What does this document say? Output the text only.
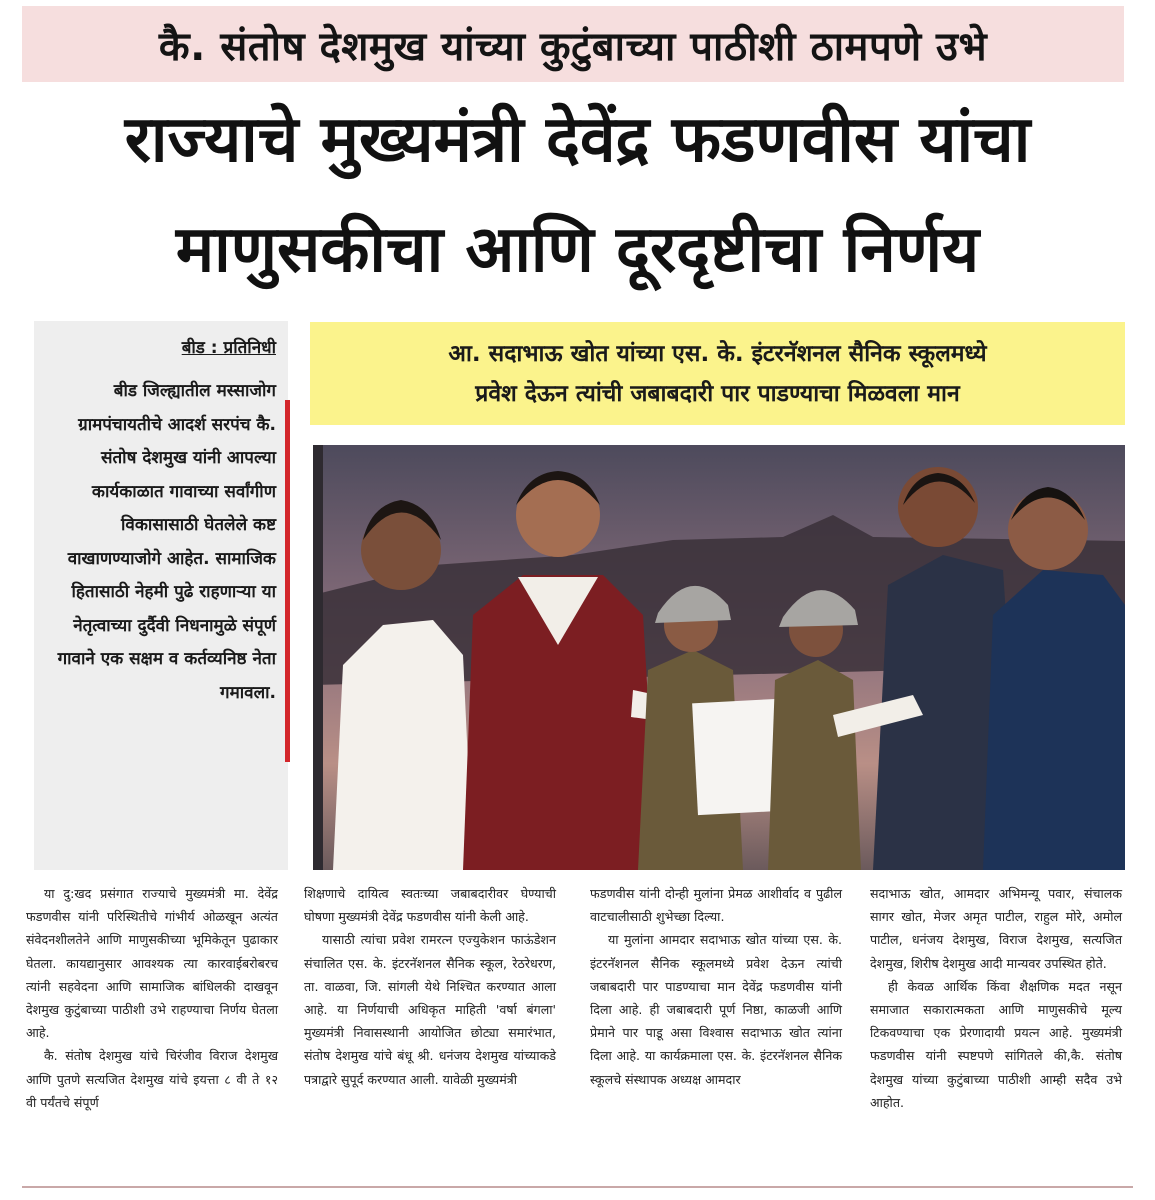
कै. संतोष देशमुख यांच्या कुटुंबाच्या पाठीशी ठामपणे उभे
राज्याचे मुख्यमंत्री देवेंद्र फडणवीस यांचा
माणुसकीचा आणि दूरदृष्टीचा निर्णय
बीड : प्रतिनिधी
बीड जिल्ह्यातील मस्साजोग ग्रामपंचायतीचे आदर्श सरपंच कै. संतोष देशमुख यांनी आपल्या कार्यकाळात गावाच्या सर्वांगीण विकासासाठी घेतलेले कष्ट वाखाणण्याजोगे आहेत. सामाजिक हितासाठी नेहमी पुढे राहणाऱ्या या नेतृत्वाच्या दुर्दैवी निधनामुळे संपूर्ण गावाने एक सक्षम व कर्तव्यनिष्ठ नेता गमावला.
आ. सदाभाऊ खोत यांच्या एस. के. इंटरनॅशनल सैनिक स्कूलमध्ये
प्रवेश देऊन त्यांची जबाबदारी पार पाडण्याचा मिळवला मान

या दु:खद प्रसंगात राज्याचे मुख्यमंत्री मा. देवेंद्र फडणवीस यांनी परिस्थितीचे गांभीर्य ओळखून अत्यंत संवेदनशीलतेने आणि माणुसकीच्या भूमिकेतून पुढाकार घेतला. कायद्यानुसार आवश्यक त्या कारवाईबरोबरच त्यांनी सहवेदना आणि सामाजिक बांधिलकी दाखवून देशमुख कुटुंबाच्या पाठीशी उभे राहण्याचा निर्णय घेतला आहे.

कै. संतोष देशमुख यांचे चिरंजीव विराज देशमुख आणि पुतणे सत्यजित देशमुख यांचे इयत्ता ८ वी ते १२ वी पर्यंतचे संपूर्ण

शिक्षणाचे दायित्व स्वतःच्या जबाबदारीवर घेण्याची घोषणा मुख्यमंत्री देवेंद्र फडणवीस यांनी केली आहे.

यासाठी त्यांचा प्रवेश रामरत्न एज्युकेशन फाऊंडेशन संचालित एस. के. इंटरनॅशनल सैनिक स्कूल, रेठरेधरण, ता. वाळवा, जि. सांगली येथे निश्चित करण्यात आला आहे. या निर्णयाची अधिकृत माहिती 'वर्षा बंगला' मुख्यमंत्री निवासस्थानी आयोजित छोट्या समारंभात, संतोष देशमुख यांचे बंधू श्री. धनंजय देशमुख यांच्याकडे पत्राद्वारे सुपूर्द करण्यात आली. यावेळी मुख्यमंत्री

फडणवीस यांनी दोन्ही मुलांना प्रेमळ आशीर्वाद व पुढील वाटचालीसाठी शुभेच्छा दिल्या.

या मुलांना आमदार सदाभाऊ खोत यांच्या एस. के. इंटरनॅशनल सैनिक स्कूलमध्ये प्रवेश देऊन त्यांची जबाबदारी पार पाडण्याचा मान देवेंद्र फडणवीस यांनी दिला आहे. ही जबाबदारी पूर्ण निष्ठा, काळजी आणि प्रेमाने पार पाडू असा विश्वास सदाभाऊ खोत त्यांना दिला आहे. या कार्यक्रमाला एस. के. इंटरनॅशनल सैनिक स्कूलचे संस्थापक अध्यक्ष आमदार

सदाभाऊ खोत, आमदार अभिमन्यू पवार, संचालक सागर खोत, मेजर अमृत पाटील, राहुल मोरे, अमोल पाटील, धनंजय देशमुख, विराज देशमुख, सत्यजित देशमुख, शिरीष देशमुख आदी मान्यवर उपस्थित होते.

ही केवळ आर्थिक किंवा शैक्षणिक मदत नसून समाजात सकारात्मकता आणि माणुसकीचे मूल्य टिकवण्याचा एक प्रेरणादायी प्रयत्न आहे. मुख्यमंत्री फडणवीस यांनी स्पष्टपणे सांगितले की,कै. संतोष देशमुख यांच्या कुटुंबाच्या पाठीशी आम्ही सदैव उभे आहोत.
